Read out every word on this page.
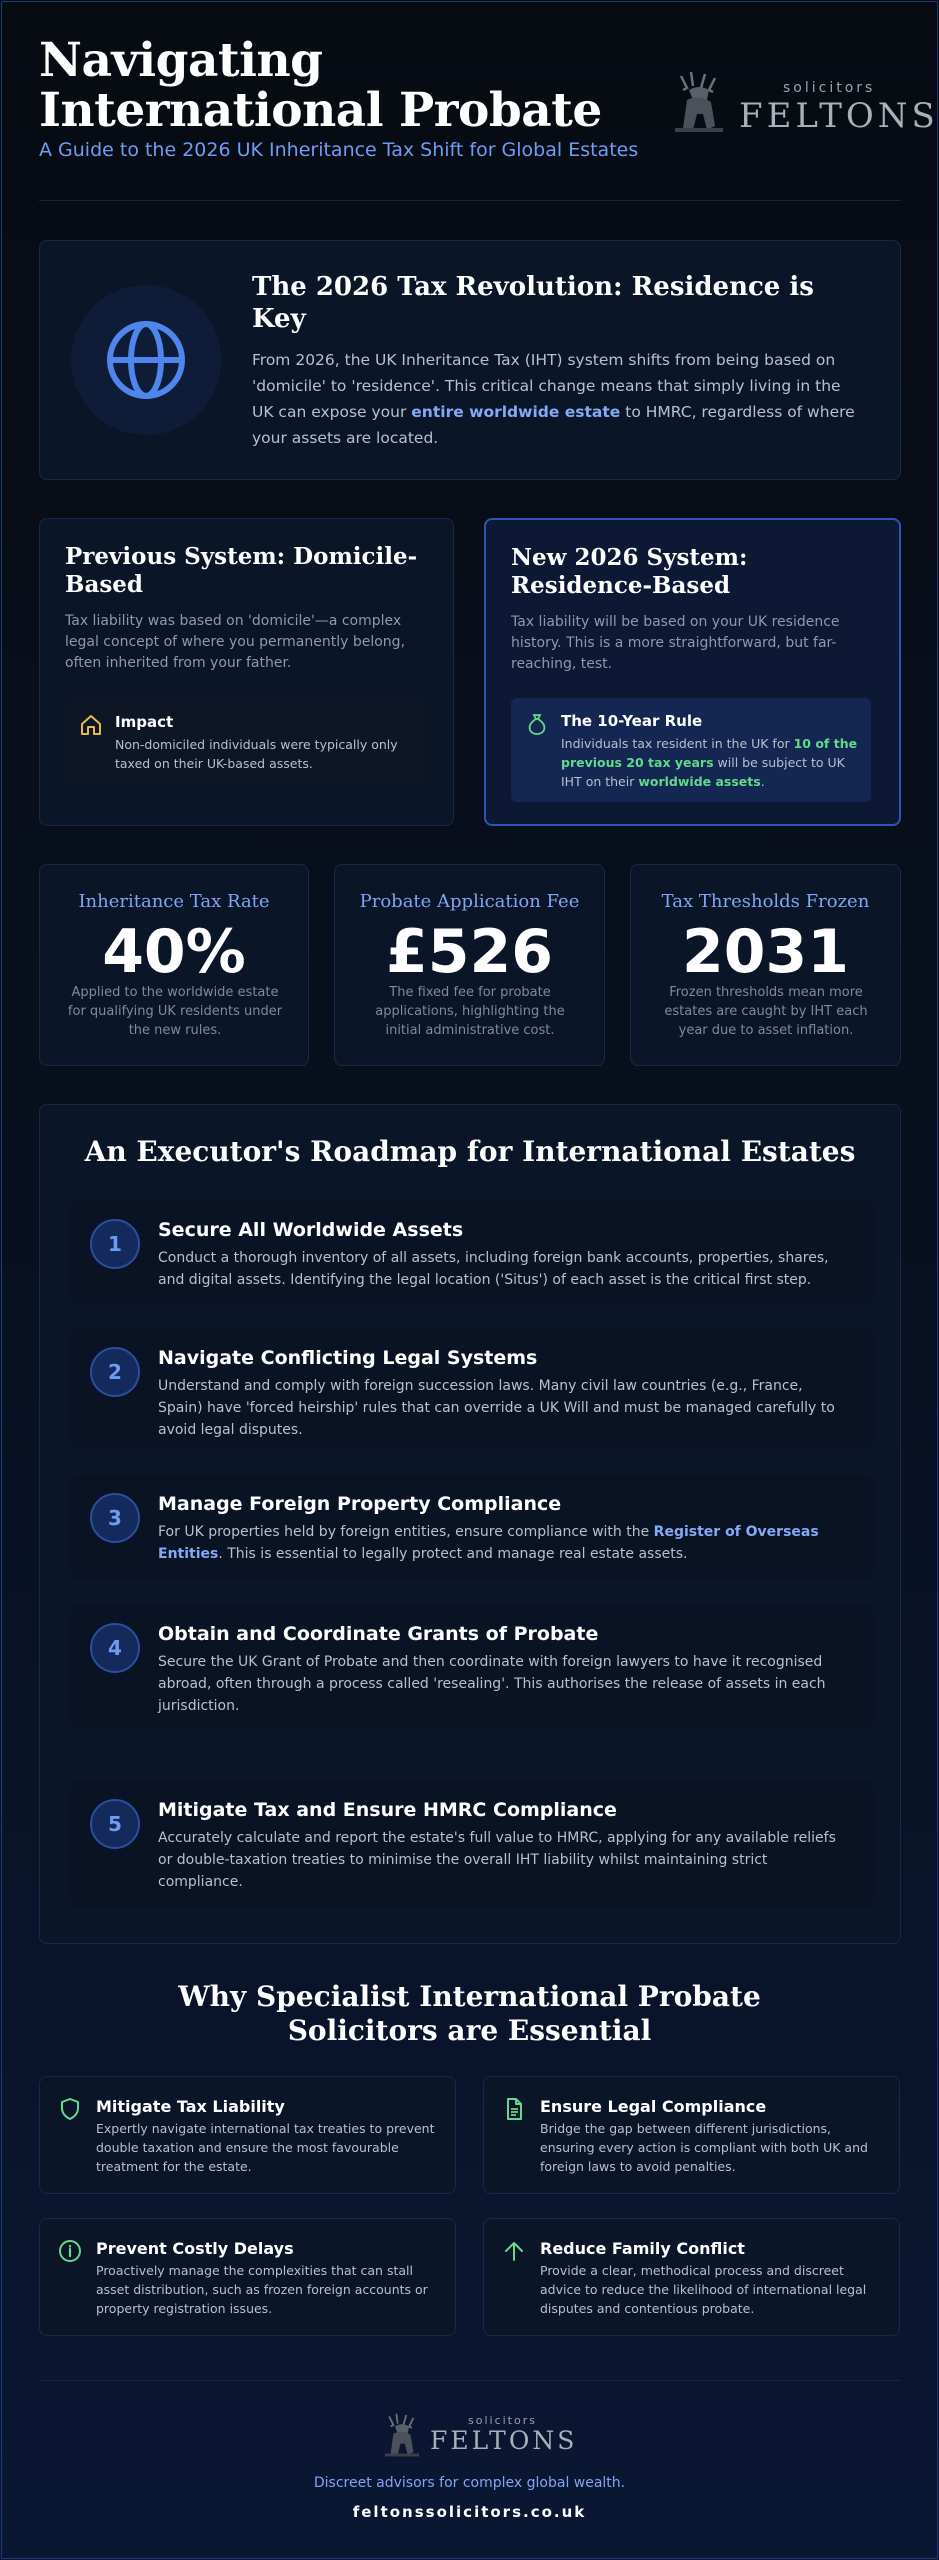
Navigating International Probate
A Guide to the 2026 UK Inheritance Tax Shift for Global Estates
solicitors
FELTONS
The 2026 Tax Revolution: Residence is Key
From 2026, the UK Inheritance Tax (IHT) system shifts from being based on 'domicile' to 'residence'. This critical change means that simply living in the UK can expose your entire worldwide estate to HMRC, regardless of where your assets are located.
Previous System: Domicile-Based
Tax liability was based on 'domicile'—a complex legal concept of where you permanently belong, often inherited from your father.
Impact
Non-domiciled individuals were typically only taxed on their UK-based assets.
New 2026 System: Residence-Based
Tax liability will be based on your UK residence history. This is a more straightforward, but far-reaching, test.
The 10-Year Rule
Individuals tax resident in the UK for 10 of the previous 20 tax years will be subject to UK IHT on their worldwide assets.
Inheritance Tax Rate
40%
Applied to the worldwide estate for qualifying UK residents under the new rules.
Probate Application Fee
£526
The fixed fee for probate applications, highlighting the initial administrative cost.
Tax Thresholds Frozen
2031
Frozen thresholds mean more estates are caught by IHT each year due to asset inflation.
An Executor's Roadmap for International Estates
1
Secure All Worldwide Assets
Conduct a thorough inventory of all assets, including foreign bank accounts, properties, shares, and digital assets. Identifying the legal location ('Situs') of each asset is the critical first step.
2
Navigate Conflicting Legal Systems
Understand and comply with foreign succession laws. Many civil law countries (e.g., France, Spain) have 'forced heirship' rules that can override a UK Will and must be managed carefully to avoid legal disputes.
3
Manage Foreign Property Compliance
For UK properties held by foreign entities, ensure compliance with the Register of Overseas Entities. This is essential to legally protect and manage real estate assets.
4
Obtain and Coordinate Grants of Probate
Secure the UK Grant of Probate and then coordinate with foreign lawyers to have it recognised abroad, often through a process called 'resealing'. This authorises the release of assets in each jurisdiction.
5
Mitigate Tax and Ensure HMRC Compliance
Accurately calculate and report the estate's full value to HMRC, applying for any available reliefs or double-taxation treaties to minimise the overall IHT liability whilst maintaining strict compliance.
Why Specialist International Probate Solicitors are Essential
Mitigate Tax Liability
Expertly navigate international tax treaties to prevent double taxation and ensure the most favourable treatment for the estate.
Ensure Legal Compliance
Bridge the gap between different jurisdictions, ensuring every action is compliant with both UK and foreign laws to avoid penalties.
Prevent Costly Delays
Proactively manage the complexities that can stall asset distribution, such as frozen foreign accounts or property registration issues.
Reduce Family Conflict
Provide a clear, methodical process and discreet advice to reduce the likelihood of international legal disputes and contentious probate.
solicitors
FELTONS
Discreet advisors for complex global wealth.
feltonssolicitors.co.uk
